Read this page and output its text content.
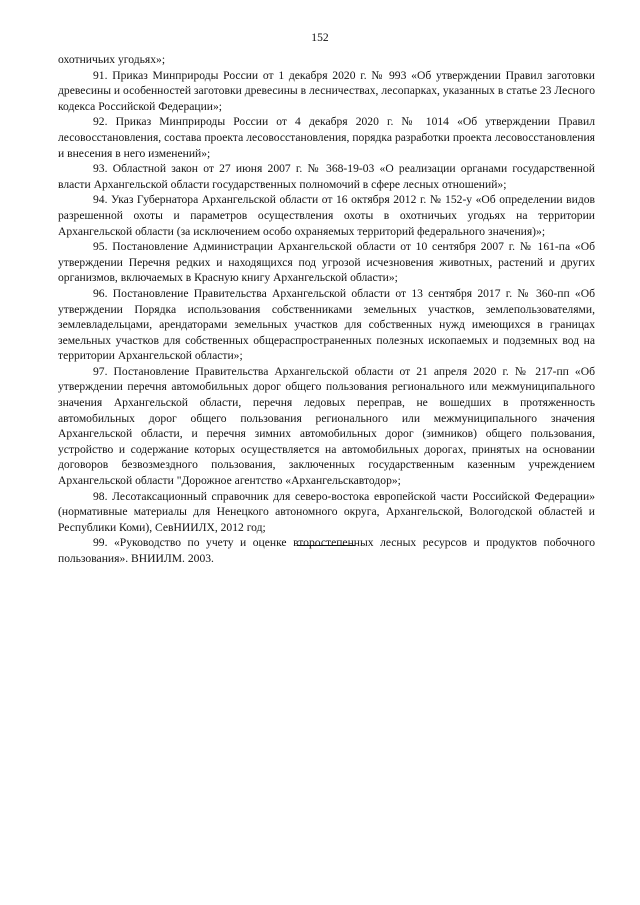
152

охотничьих угодьях»;

91. Приказ Минприроды России от 1 декабря 2020 г. № 993 «Об утверждении Правил заготовки древесины и особенностей заготовки древесины в лесничествах, лесопарках, указанных в статье 23 Лесного кодекса Российской Федерации»;

92. Приказ Минприроды России от 4 декабря 2020 г. № 1014 «Об утверждении Правил лесовосстановления, состава проекта лесовосстановления, порядка разработки проекта лесовосстановления и внесения в него изменений»;

93. Областной закон от 27 июня 2007 г. № 368-19-03 «О реализации органами государственной власти Архангельской области государственных полномочий в сфере лесных отношений»;

94. Указ Губернатора Архангельской области от 16 октября 2012 г. № 152-у «Об определении видов разрешенной охоты и параметров осуществления охоты в охотничьих угодьях на территории Архангельской области (за исключением особо охраняемых территорий федерального значения)»;

95. Постановление Администрации Архангельской области от 10 сентября 2007 г. № 161-па «Об утверждении Перечня редких и находящихся под угрозой исчезновения животных, растений и других организмов, включаемых в Красную книгу Архангельской области»;

96. Постановление Правительства Архангельской области от 13 сентября 2017 г. № 360-пп «Об утверждении Порядка использования собственниками земельных участков, землепользователями, землевладельцами, арендаторами земельных участков для собственных нужд имеющихся в границах земельных участков для собственных общераспространенных полезных ископаемых и подземных вод на территории Архангельской области»;

97. Постановление Правительства Архангельской области от 21 апреля 2020 г. № 217-пп «Об утверждении перечня автомобильных дорог общего пользования регионального или межмуниципального значения Архангельской области, перечня ледовых переправ, не вошедших в протяженность автомобильных дорог общего пользования регионального или межмуниципального значения Архангельской области, и перечня зимних автомобильных дорог (зимников) общего пользования, устройство и содержание которых осуществляется на автомобильных дорогах, принятых на основании договоров безвозмездного пользования, заключенных государственным казенным учреждением Архангельской области "Дорожное агентство «Архангельскавтодор»;

98. Лесотаксационный справочник для северо-востока европейской части Российской Федерации» (нормативные материалы для Ненецкого автономного округа, Архангельской, Вологодской областей и Республики Коми), СевНИИЛХ, 2012 год;

99. «Руководство по учету и оценке второстепенных лесных ресурсов и продуктов побочного пользования». ВНИИЛМ. 2003.
